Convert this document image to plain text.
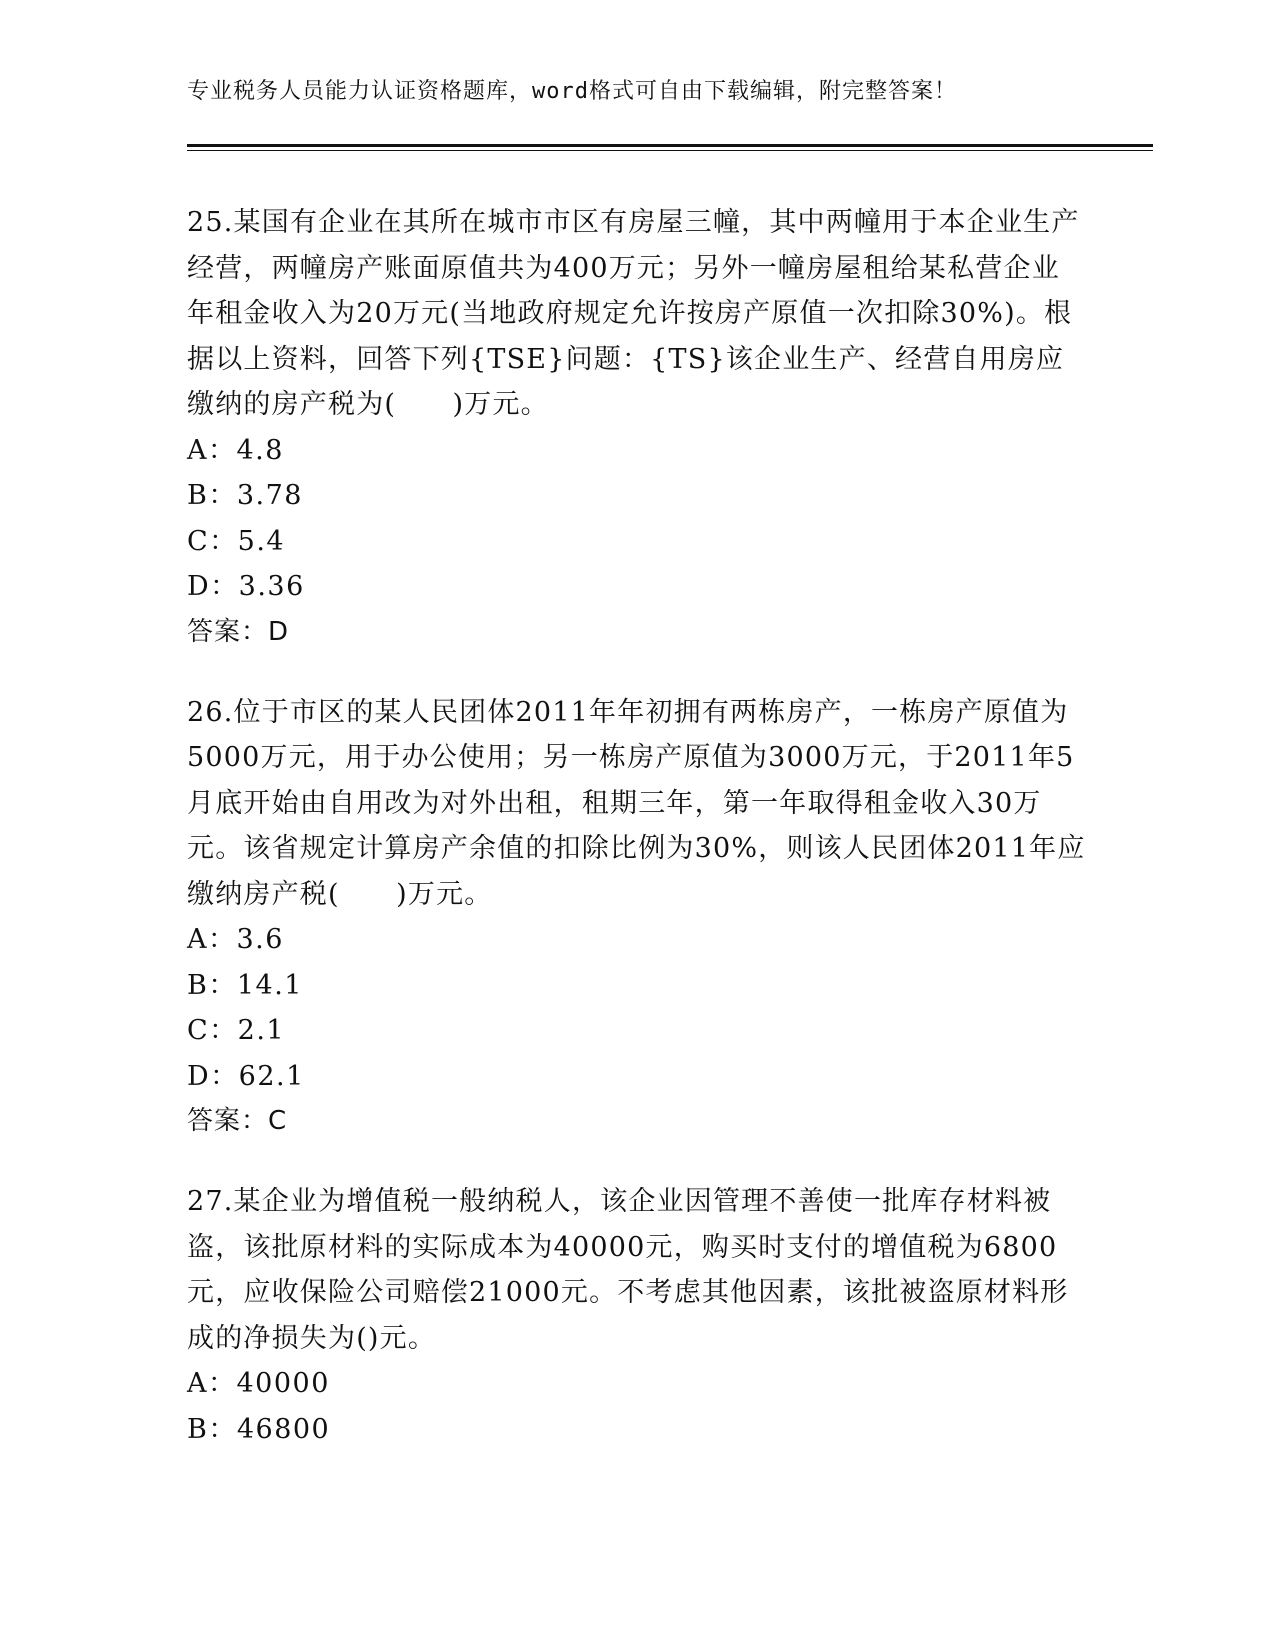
专业税务人员能力认证资格题库，word格式可自由下载编辑，附完整答案！

25.某国有企业在其所在城市市区有房屋三幢，其中两幢用于本企业生产经营，两幢房产账面原值共为400万元；另外一幢房屋租给某私营企业年租金收入为20万元(当地政府规定允许按房产原值一次扣除30%)。根据以上资料，回答下列{TSE}问题：{TS}该企业生产、经营自用房应缴纳的房产税为(　　)万元。

A：4.8

B：3.78

C：5.4

D：3.36

答案：D

26.位于市区的某人民团体2011年年初拥有两栋房产，一栋房产原值为5000万元，用于办公使用；另一栋房产原值为3000万元，于2011年5月底开始由自用改为对外出租，租期三年，第一年取得租金收入30万元。该省规定计算房产余值的扣除比例为30%，则该人民团体2011年应缴纳房产税(　　)万元。

A：3.6

B：14.1

C：2.1

D：62.1

答案：C

27.某企业为增值税一般纳税人，该企业因管理不善使一批库存材料被盗，该批原材料的实际成本为40000元，购买时支付的增值税为6800元，应收保险公司赔偿21000元。不考虑其他因素，该批被盗原材料形成的净损失为()元。

A：40000

B：46800
